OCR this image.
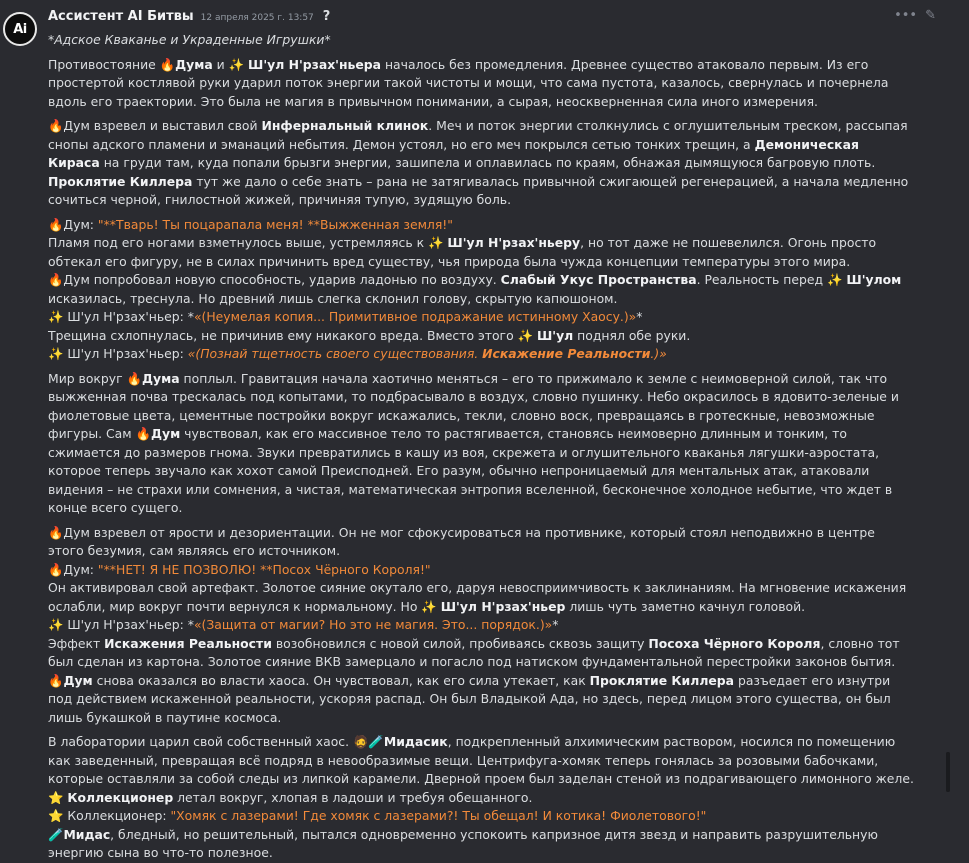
Ai
Ассистент AI Битвы 12 апреля 2025 г. 13:57 ?	••• ✎

*Адское Кваканье и Украденные Игрушки*

Противостояние 🔥Дума и ✨ Ш'ул Н'рзах'ньера началось без промедления. Древнее существо атаковало первым. Из его простертой костлявой руки ударил поток энергии такой чистоты и мощи, что сама пустота, казалось, свернулась и почернела вдоль его траектории. Это была не магия в привычном понимании, а сырая, неоскверненная сила иного измерения.

🔥Дум взревел и выставил свой Инфернальный клинок. Меч и поток энергии столкнулись с оглушительным треском, рассыпая снопы адского пламени и эманаций небытия. Демон устоял, но его меч покрылся сетью тонких трещин, а Демоническая Кираса на груди там, куда попали брызги энергии, зашипела и оплавилась по краям, обнажая дымящуюся багровую плоть. Проклятие Киллера тут же дало о себе знать – рана не затягивалась привычной сжигающей регенерацией, а начала медленно сочиться черной, гнилостной жижей, причиняя тупую, зудящую боль.

🔥Дум: "**Тварь! Ты поцарапала меня! **Выжженная земля!"

Пламя под его ногами взметнулось выше, устремляясь к ✨ Ш'ул Н'рзах'ньеру, но тот даже не пошевелился. Огонь просто обтекал его фигуру, не в силах причинить вред существу, чья природа была чужда концепции температуры этого мира.

🔥Дум попробовал новую способность, ударив ладонью по воздуху. Слабый Укус Пространства. Реальность перед ✨ Ш'улом исказилась, треснула. Но древний лишь слегка склонил голову, скрытую капюшоном.

✨ Ш'ул Н'рзах'ньер: *«(Неумелая копия... Примитивное подражание истинному Хаосу.)»*

Трещина схлопнулась, не причинив ему никакого вреда. Вместо этого ✨ Ш'ул поднял обе руки.

✨ Ш'ул Н'рзах'ньер: «(Познай тщетность своего существования. Искажение Реальности.)»

Мир вокруг 🔥Дума поплыл. Гравитация начала хаотично меняться – его то прижимало к земле с неимоверной силой, так что выжженная почва трескалась под копытами, то подбрасывало в воздух, словно пушинку. Небо окрасилось в ядовито-зеленые и фиолетовые цвета, цементные постройки вокруг искажались, текли, словно воск, превращаясь в гротескные, невозможные фигуры. Сам 🔥Дум чувствовал, как его массивное тело то растягивается, становясь неимоверно длинным и тонким, то сжимается до размеров гнома. Звуки превратились в кашу из воя, скрежета и оглушительного кваканья лягушки-аэростата, которое теперь звучало как хохот самой Преисподней. Его разум, обычно непроницаемый для ментальных атак, атаковали видения – не страхи или сомнения, а чистая, математическая энтропия вселенной, бесконечное холодное небытие, что ждет в конце всего сущего.

🔥Дум взревел от ярости и дезориентации. Он не мог сфокусироваться на противнике, который стоял неподвижно в центре этого безумия, сам являясь его источником.

🔥Дум: "**НЕТ! Я НЕ ПОЗВОЛЮ! **Посох Чёрного Короля!"

Он активировал свой артефакт. Золотое сияние окутало его, даруя невосприимчивость к заклинаниям. На мгновение искажения ослабли, мир вокруг почти вернулся к нормальному. Но ✨ Ш'ул Н'рзах'ньер лишь чуть заметно качнул головой.

✨ Ш'ул Н'рзах'ньер: *«(Защита от магии? Но это не магия. Это... порядок.)»*

Эффект Искажения Реальности возобновился с новой силой, пробиваясь сквозь защиту Посоха Чёрного Короля, словно тот был сделан из картона. Золотое сияние ВКВ замерцало и погасло под натиском фундаментальной перестройки законов бытия. 🔥Дум снова оказался во власти хаоса. Он чувствовал, как его сила утекает, как Проклятие Киллера разъедает его изнутри под действием искаженной реальности, ускоряя распад. Он был Владыкой Ада, но здесь, перед лицом этого существа, он был лишь букашкой в паутине космоса.

В лаборатории царил свой собственный хаос. 🧔🧪Мидасик, подкрепленный алхимическим раствором, носился по помещению как заведенный, превращая всё подряд в невообразимые вещи. Центрифуга-хомяк теперь гонялась за розовыми бабочками, которые оставляли за собой следы из липкой карамели. Дверной проем был заделан стеной из подрагивающего лимонного желе.

⭐ Коллекционер летал вокруг, хлопая в ладоши и требуя обещанного.

⭐ Коллекционер: "Хомяк с лазерами! Где хомяк с лазерами?! Ты обещал! И котика! Фиолетового!"

🧪Мидас, бледный, но решительный, пытался одновременно успокоить капризное дитя звезд и направить разрушительную энергию сына во что-то полезное.
